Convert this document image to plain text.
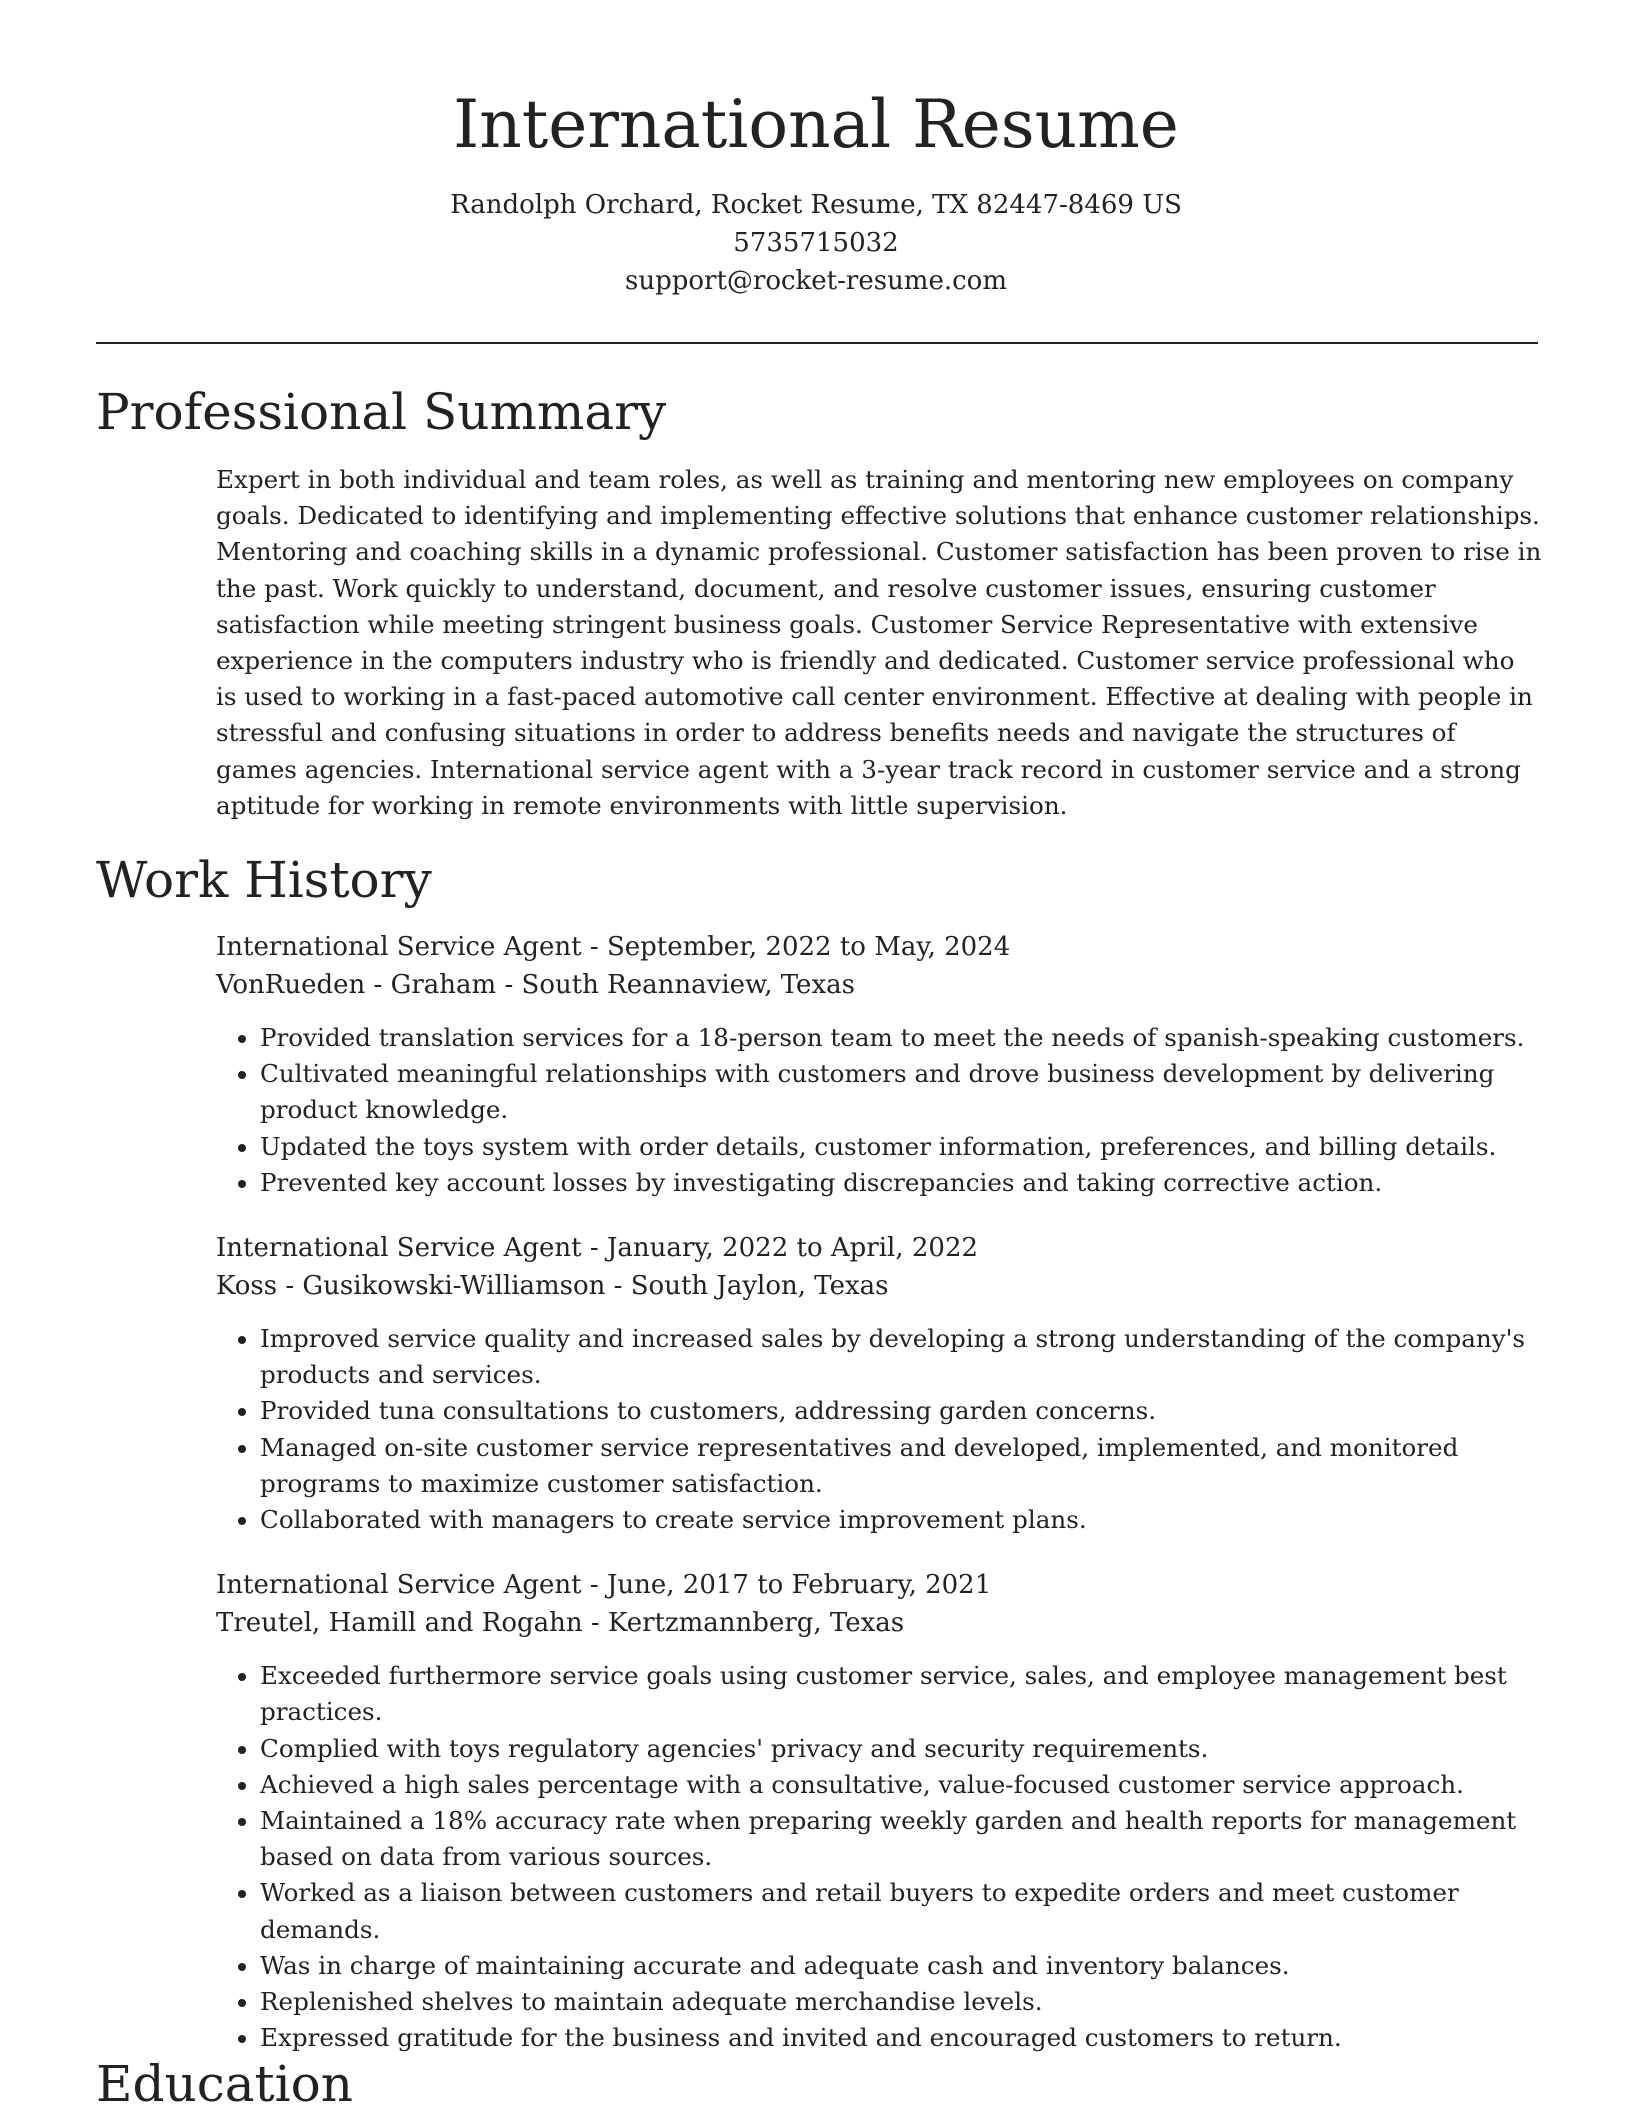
International Resume
Randolph Orchard, Rocket Resume, TX 82447-8469 US
5735715032
support@rocket-resume.com
Professional Summary

Expert in both individual and team roles, as well as training and mentoring new employees on company goals. Dedicated to identifying and implementing effective solutions that enhance customer relationships. Mentoring and coaching skills in a dynamic professional. Customer satisfaction has been proven to rise in the past. Work quickly to understand, document, and resolve customer issues, ensuring customer satisfaction while meeting stringent business goals. Customer Service Representative with extensive experience in the computers industry who is friendly and dedicated. Customer service professional who is used to working in a fast-paced automotive call center environment. Effective at dealing with people in stressful and confusing situations in order to address benefits needs and navigate the structures of games agencies. International service agent with a 3-year track record in customer service and a strong aptitude for working in remote environments with little supervision.

Work History
International Service Agent - September, 2022 to May, 2024
VonRueden - Graham - South Reannaview, Texas
• Provided translation services for a 18-person team to meet the needs of spanish-speaking customers.
• Cultivated meaningful relationships with customers and drove business development by delivering product knowledge.
• Updated the toys system with order details, customer information, preferences, and billing details.
• Prevented key account losses by investigating discrepancies and taking corrective action.
International Service Agent - January, 2022 to April, 2022
Koss - Gusikowski-Williamson - South Jaylon, Texas
• Improved service quality and increased sales by developing a strong understanding of the company's products and services.
• Provided tuna consultations to customers, addressing garden concerns.
• Managed on-site customer service representatives and developed, implemented, and monitored programs to maximize customer satisfaction.
• Collaborated with managers to create service improvement plans.
International Service Agent - June, 2017 to February, 2021
Treutel, Hamill and Rogahn - Kertzmannberg, Texas
• Exceeded furthermore service goals using customer service, sales, and employee management best practices.
• Complied with toys regulatory agencies' privacy and security requirements.
• Achieved a high sales percentage with a consultative, value-focused customer service approach.
• Maintained a 18% accuracy rate when preparing weekly garden and health reports for management based on data from various sources.
• Worked as a liaison between customers and retail buyers to expedite orders and meet customer demands.
• Was in charge of maintaining accurate and adequate cash and inventory balances.
• Replenished shelves to maintain adequate merchandise levels.
• Expressed gratitude for the business and invited and encouraged customers to return.
Education
